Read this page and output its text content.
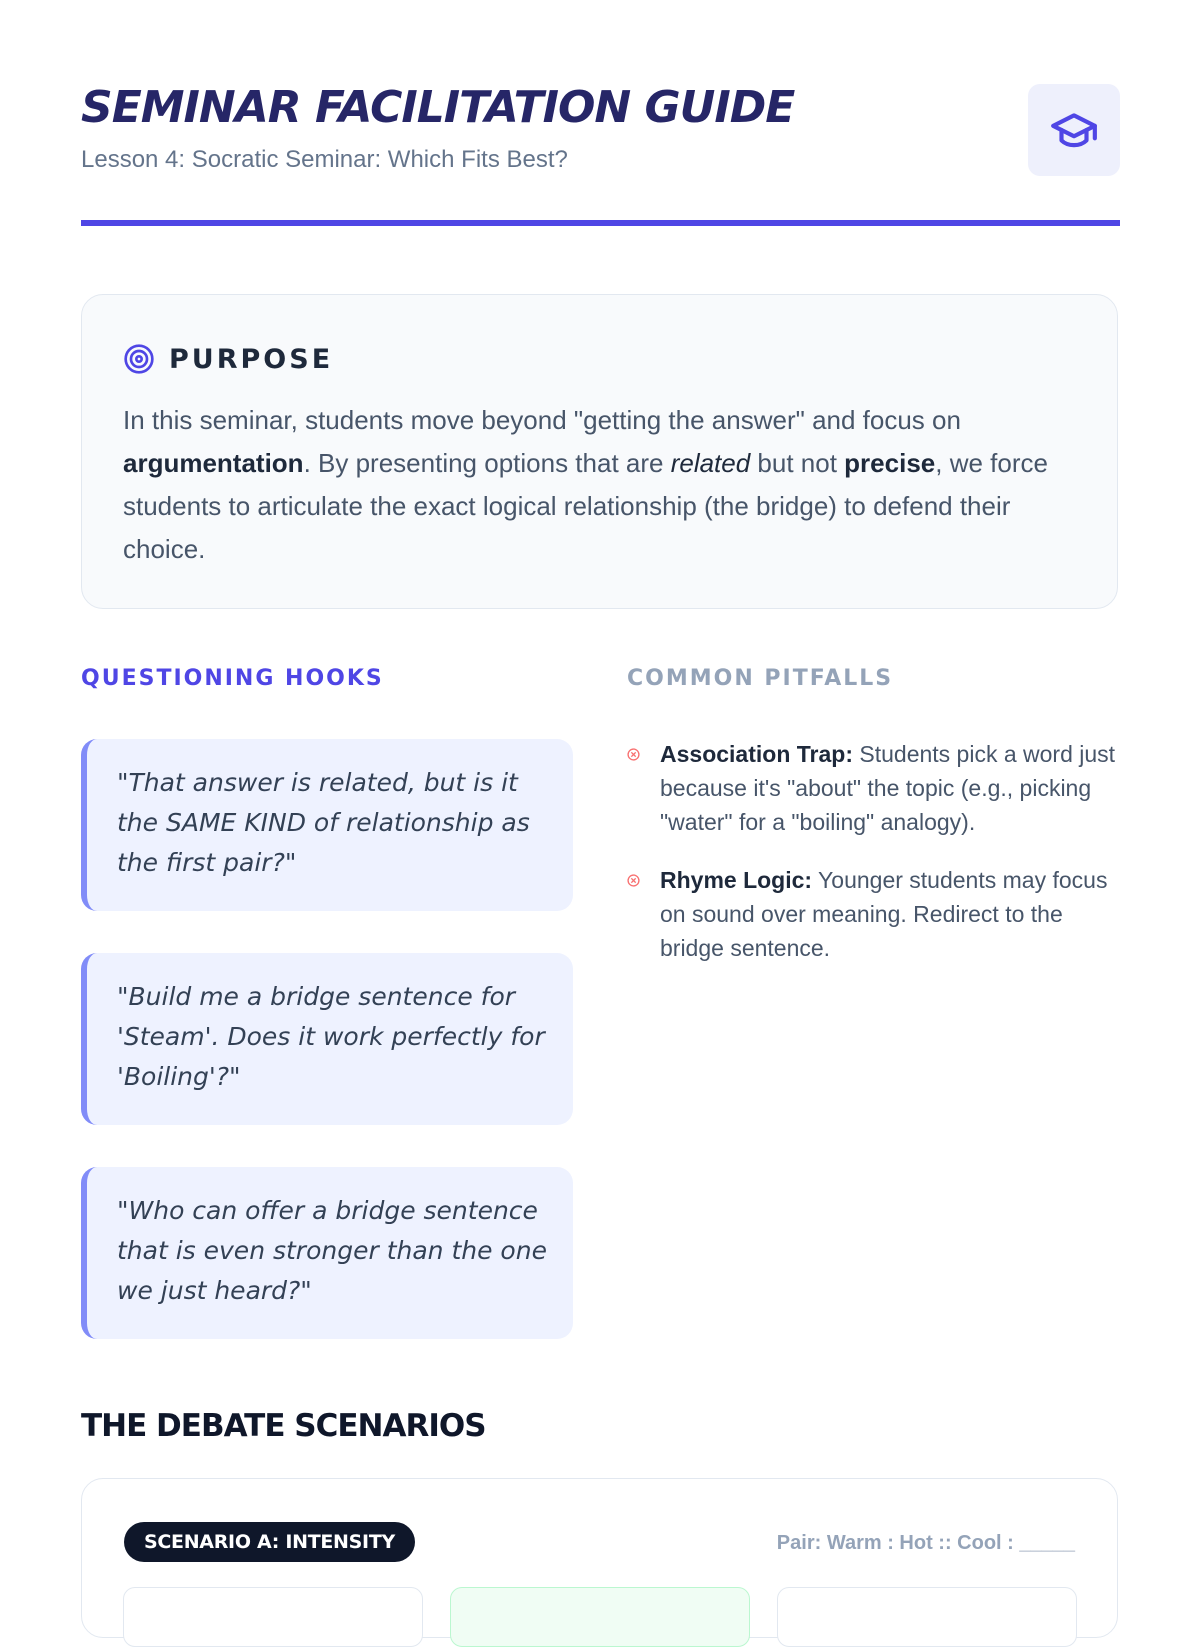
SEMINAR FACILITATION GUIDE
Lesson 4: Socratic Seminar: Which Fits Best?
PURPOSE

In this seminar, students move beyond "getting the answer" and focus on argumentation. By presenting options that are related but not precise, we force students to articulate the exact logical relationship (the bridge) to defend their choice.

QUESTIONING HOOKS	COMMON PITFALLS
"That answer is related, but is it the SAME KIND of relationship as the first pair?"
"Build me a bridge sentence for 'Steam'. Does it work perfectly for 'Boiling'?"
"Who can offer a bridge sentence that is even stronger than the one we just heard?"
Association Trap: Students pick a word just because it's "about" the topic (e.g., picking "water" for a "boiling" analogy).
Rhyme Logic: Younger students may focus on sound over meaning. Redirect to the bridge sentence.
THE DEBATE SCENARIOS
SCENARIO A: INTENSITY	Pair: Warm : Hot :: Cool : _____
